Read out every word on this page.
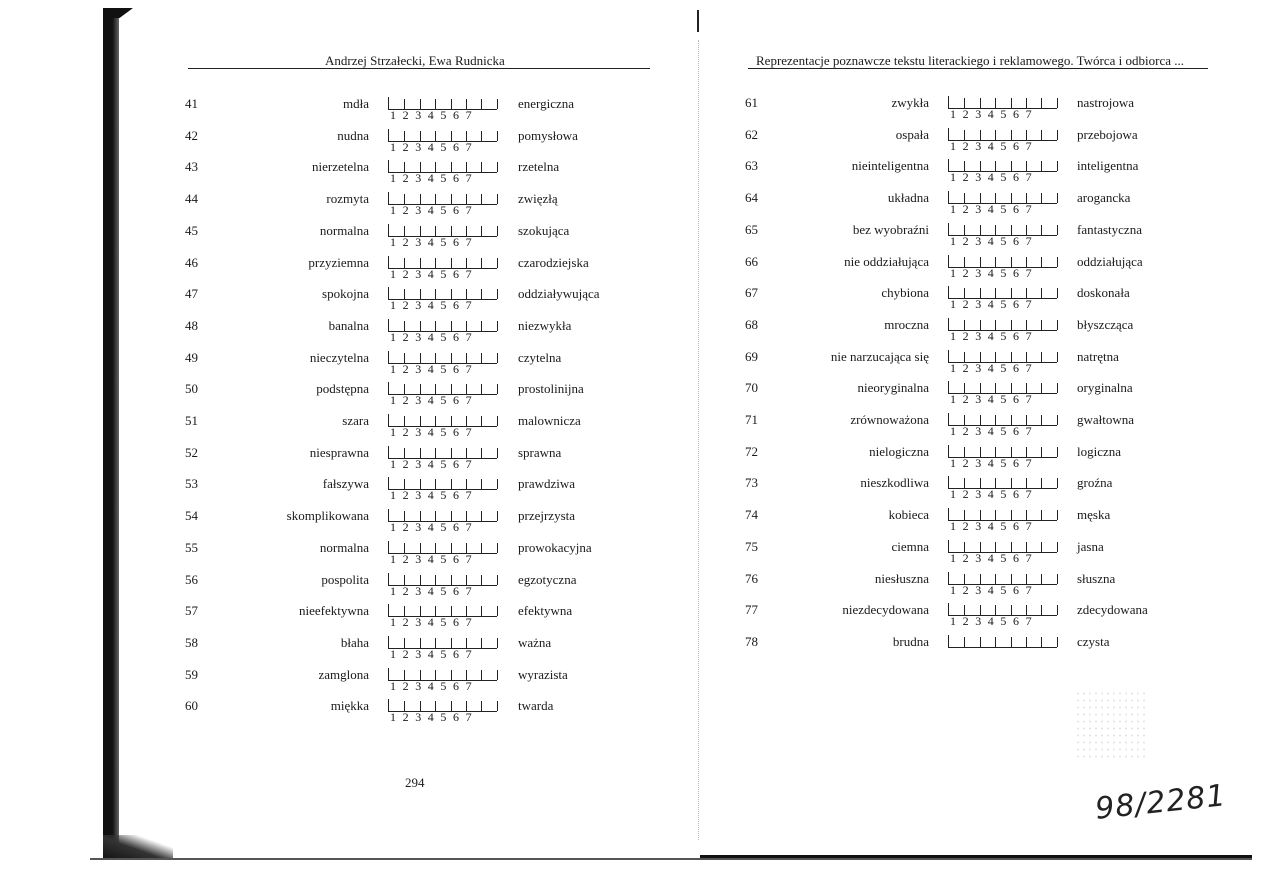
Andrzej Strzałecki, Ewa Rudnicka
41	mdła
1234567
energiczna
42	nudna
1234567
pomysłowa
43	nierzetelna
1234567
rzetelna
44	rozmyta
1234567
zwięzłą
45	normalna
1234567
szokująca
46	przyziemna
1234567
czarodziejska
47	spokojna
1234567
oddziaływująca
48	banalna
1234567
niezwykła
49	nieczytelna
1234567
czytelna
50	podstępna
1234567
prostolinijna
51	szara
1234567
malownicza
52	niesprawna
1234567
sprawna
53	fałszywa
1234567
prawdziwa
54	skomplikowana
1234567
przejrzysta
55	normalna
1234567
prowokacyjna
56	pospolita
1234567
egzotyczna
57	nieefektywna
1234567
efektywna
58	błaha
1234567
ważna
59	zamglona
1234567
wyrazista
60	miękka
1234567
twarda
294
Reprezentacje poznawcze tekstu literackiego i reklamowego. Twórca i odbiorca ...
61	zwykła
1234567
nastrojowa
62	ospała
1234567
przebojowa
63	nieinteligentna
1234567
inteligentna
64	układna
1234567
arogancka
65	bez wyobraźni
1234567
fantastyczna
66	nie oddziałująca
1234567
oddziałująca
67	chybiona
1234567
doskonała
68	mroczna
1234567
błyszcząca
69	nie narzucająca się
1234567
natrętna
70	nieoryginalna
1234567
oryginalna
71	zrównoważona
1234567
gwałtowna
72	nielogiczna
1234567
logiczna
73	nieszkodliwa
1234567
groźna
74	kobieca
1234567
męska
75	ciemna
1234567
jasna
76	niesłuszna
1234567
słuszna
77	niezdecydowana
1234567
zdecydowana
78	brudna	czysta
98/2281
